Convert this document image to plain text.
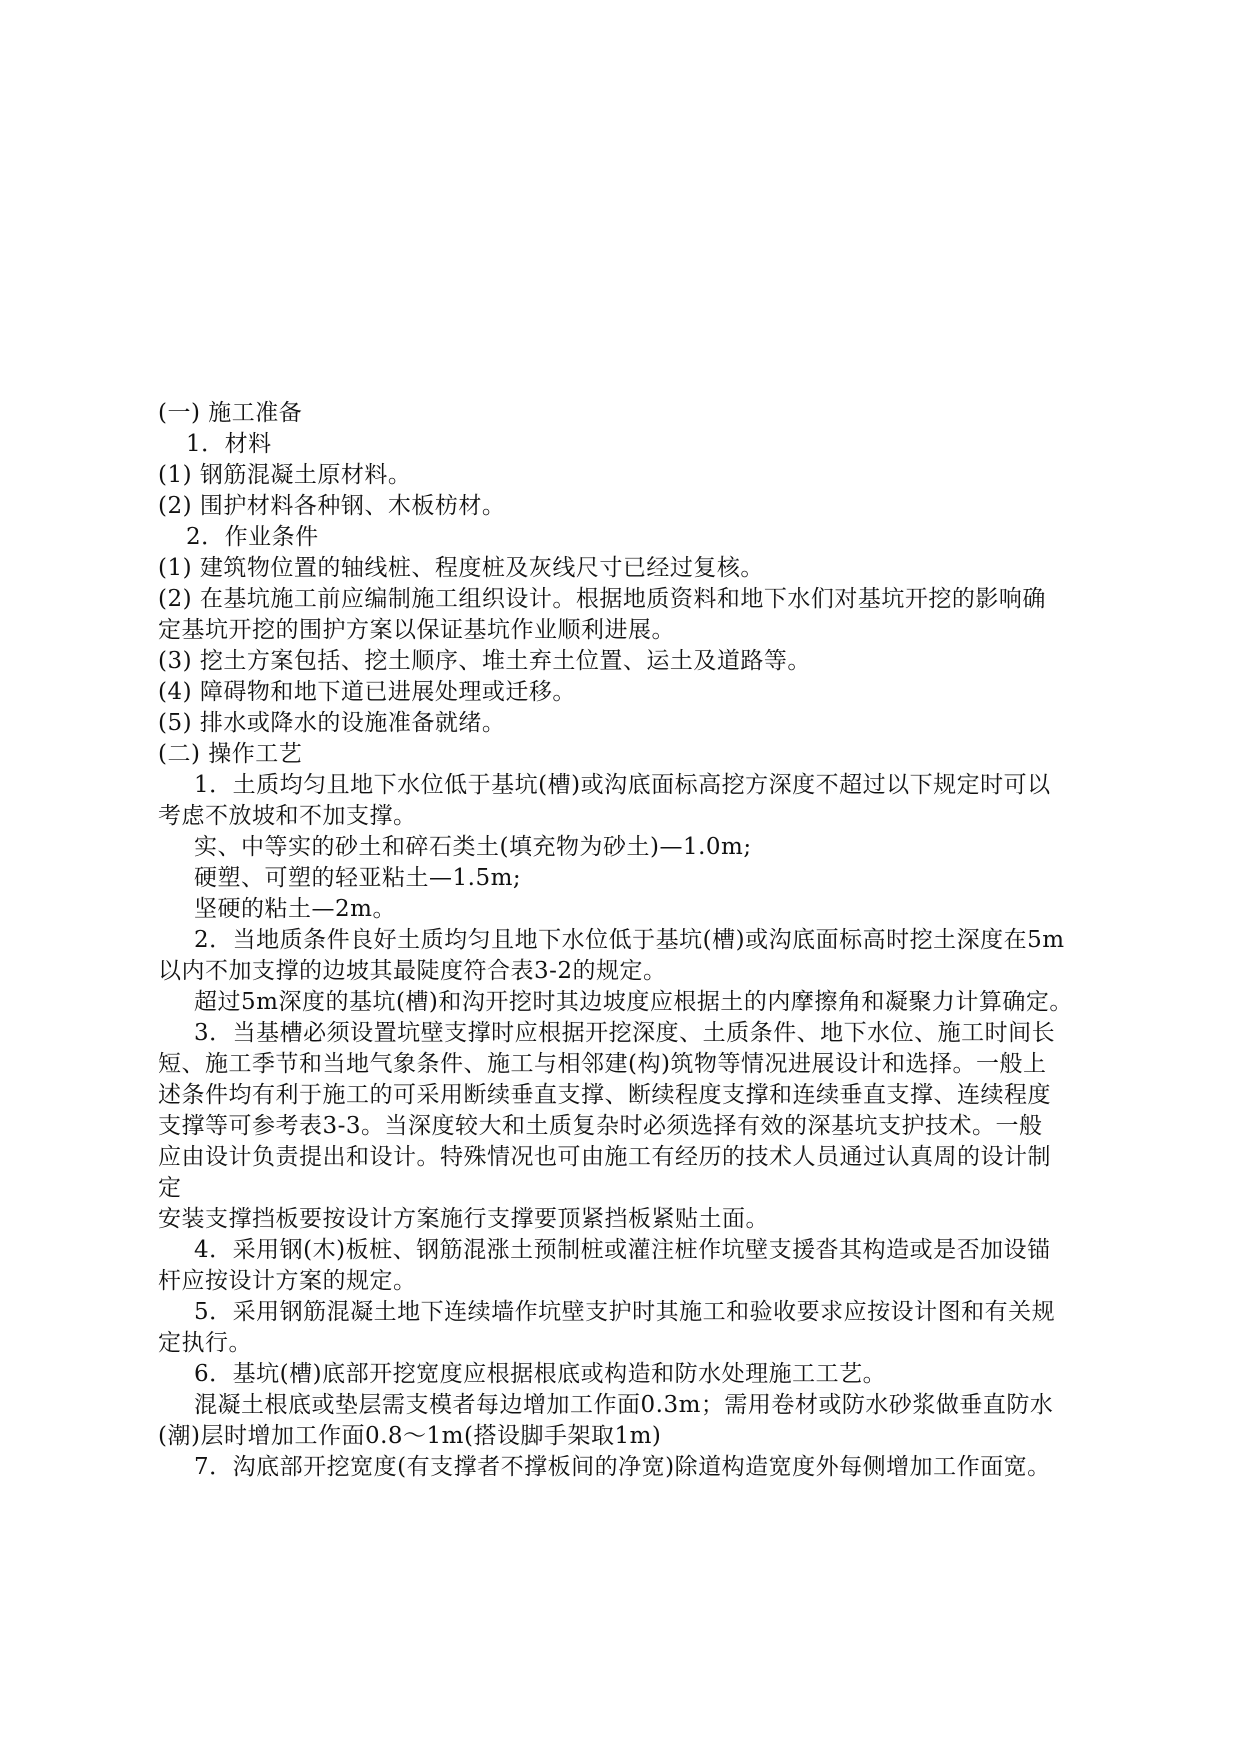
(一) 施工准备
1．材料
(1) 钢筋混凝土原材料。
(2) 围护材料各种钢、木板枋材。
2．作业条件
(1) 建筑物位置的轴线桩、程度桩及灰线尺寸已经过复核。
(2) 在基坑施工前应编制施工组织设计。根据地质资料和地下水们对基坑开挖的影响确
定基坑开挖的围护方案以保证基坑作业顺利进展。
(3) 挖土方案包括、挖土顺序、堆土弃土位置、运土及道路等。
(4) 障碍物和地下道已进展处理或迁移。
(5) 排水或降水的设施准备就绪。
(二) 操作工艺
1．土质均匀且地下水位低于基坑(槽)或沟底面标高挖方深度不超过以下规定时可以
考虑不放坡和不加支撑。
实、中等实的砂土和碎石类土(填充物为砂土)—1.0m;
硬塑、可塑的轻亚粘土—1.5m;
坚硬的粘土—2m。
2．当地质条件良好土质均匀且地下水位低于基坑(槽)或沟底面标高时挖土深度在5m
以内不加支撑的边坡其最陡度符合表3-2的规定。
超过5m深度的基坑(槽)和沟开挖时其边坡度应根据土的内摩擦角和凝聚力计算确定。
3．当基槽必须设置坑壁支撑时应根据开挖深度、土质条件、地下水位、施工时间长
短、施工季节和当地气象条件、施工与相邻建(构)筑物等情况进展设计和选择。一般上
述条件均有利于施工的可采用断续垂直支撑、断续程度支撑和连续垂直支撑、连续程度
支撑等可参考表3-3。当深度较大和土质复杂时必须选择有效的深基坑支护技术。一般
应由设计负责提出和设计。特殊情况也可由施工有经历的技术人员通过认真周的设计制
定
安装支撑挡板要按设计方案施行支撑要顶紧挡板紧贴土面。
4．采用钢(木)板桩、钢筋混涨土预制桩或灌注桩作坑壁支援沓其构造或是否加设锚
杆应按设计方案的规定。
5．采用钢筋混凝土地下连续墙作坑壁支护时其施工和验收要求应按设计图和有关规
定执行。
6．基坑(槽)底部开挖宽度应根据根底或构造和防水处理施工工艺。
混凝土根底或垫层需支模者每边增加工作面0.3m；需用卷材或防水砂浆做垂直防水
(潮)层时增加工作面0.8～1m(搭设脚手架取1m)
7．沟底部开挖宽度(有支撑者不撑板间的净宽)除道构造宽度外每侧增加工作面宽。
